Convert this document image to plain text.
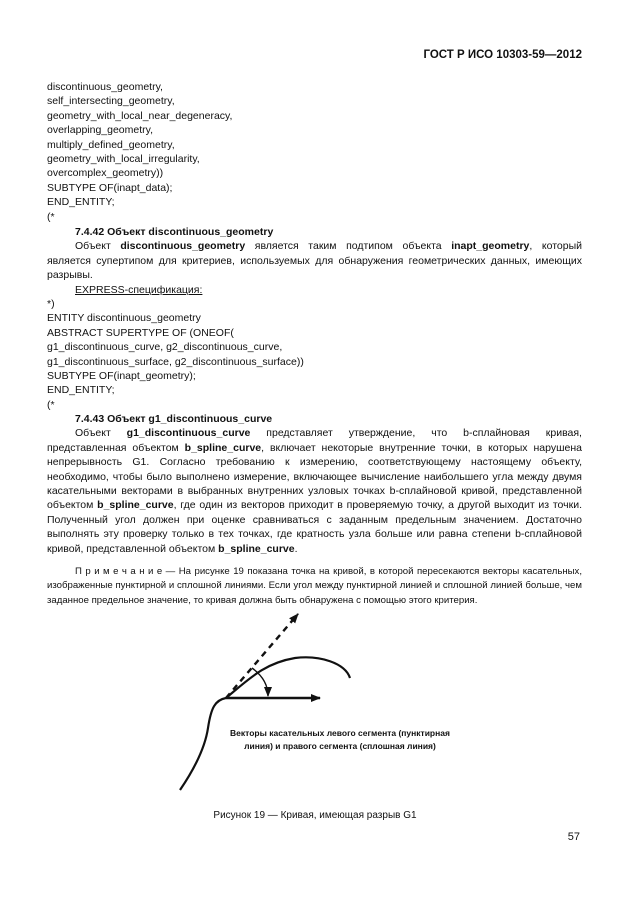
ГОСТ Р ИСО 10303-59—2012
discontinuous_geometry,
self_intersecting_geometry,
geometry_with_local_near_degeneracy,
overlapping_geometry,
multiply_defined_geometry,
geometry_with_local_irregularity,
overcomplex_geometry))
SUBTYPE OF(inapt_data);
END_ENTITY;
(*
7.4.42 Объект discontinuous_geometry

Объект discontinuous_geometry является таким подтипом объекта inapt_geometry, который является супертипом для критериев, используемых для обнаружения геометрических данных, имеющих разрывы.

EXPRESS-спецификация:
*)
ENTITY discontinuous_geometry
ABSTRACT SUPERTYPE OF (ONEOF(
g1_discontinuous_curve, g2_discontinuous_curve,
g1_discontinuous_surface, g2_discontinuous_surface))
SUBTYPE OF(inapt_geometry);
END_ENTITY;
(*
7.4.43 Объект g1_discontinuous_curve

Объект g1_discontinuous_curve представляет утверждение, что b-сплайновая кривая, представленная объектом b_spline_curve, включает некоторые внутренние точки, в которых нарушена непрерывность G1. Согласно требованию к измерению, соответствующему настоящему объекту, необходимо, чтобы было выполнено измерение, включающее вычисление наибольшего угла между двумя касательными векторами в выбранных внутренних узловых точках b-сплайновой кривой, представленной объектом b_spline_curve, где один из векторов приходит в проверяемую точку, а другой выходит из точки. Полученный угол должен при оценке сравниваться с заданным предельным значением. Достаточно выполнять эту проверку только в тех точках, где кратность узла больше или равна степени b-сплайновой кривой, представленной объектом b_spline_curve.

П р и м е ч а н и е — На рисунке 19 показана точка на кривой, в которой пересекаются векторы касательных, изображенные пунктирной и сплошной линиями. Если угол между пунктирной линией и сплошной линией больше, чем заданное предельное значение, то кривая должна быть обнаружена с помощью этого критерия.

Векторы касательных левого сегмента (пунктирная
линия) и правого сегмента (сплошная линия)
Рисунок 19 — Кривая, имеющая разрыв G1
57
